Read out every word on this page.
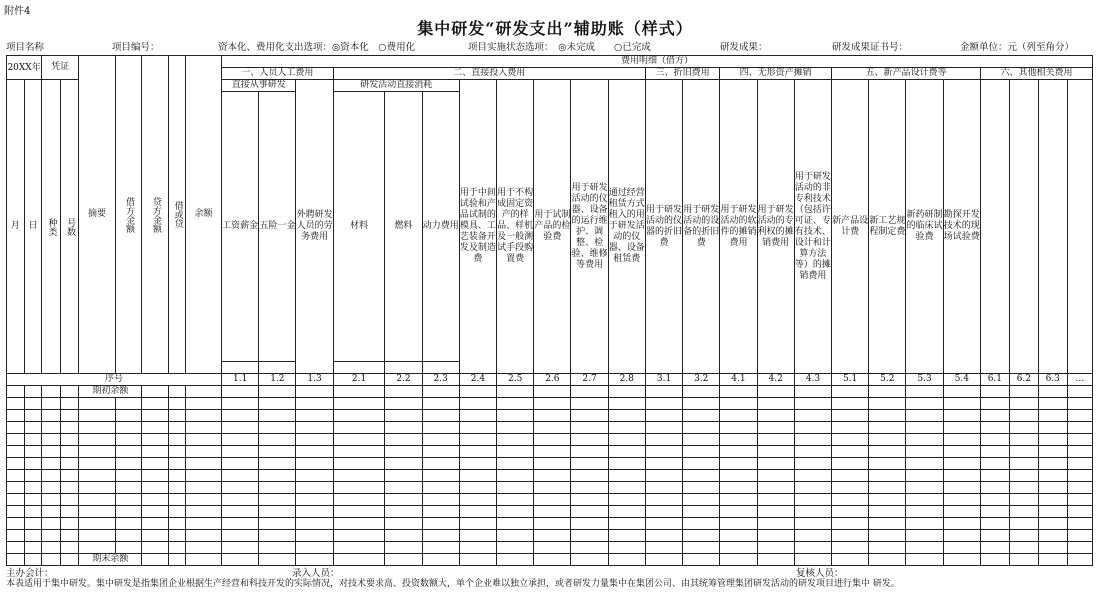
附件4
集中研发“研发支出”辅助账（样式）
项目名称	项目编号：	资本化、费用化支出选项：◎资本化　○费用化	项目实施状态选项：　◎未完成　　○已完成	研发成果：	研发成果证书号：	金额单位：元（列至角分）
20XX年		凭证		摘要	借方金额	贷方金额	借或贷	余额	费用明细（借方）																							
									一、人员人工费用			二、直接投入费用								三、折旧费用		四、无形资产摊销			五、新产品设计费等				六、其他相关费用			
月	日	种类	号数						直接从事研发		外聘研发人员的劳务费用	研发活动直接消耗			用于中间试验和产品试制的模具、工艺装备开发及制造费	用于不构成固定资产的样品、样机及一般测试手段购置费	用于试制产品的检验费	用于研发活动的仪器、设备的运行维护、调整、检验、维修等费用	通过经营租赁方式租入的用于研发活动的仪器、设备租赁费	用于研发活动的仪器的折旧费	用于研发活动的设备的折旧费	用于研发活动的软件的摊销费用	用于研发活动的专利权的摊销费用	用于研发活动的非专利技术（包括许可证、专有技术、设计和计算方法等）的摊销费用	新产品设计费	新工艺规程制定费	新药研制的临床试验费	勘探开发技术的现场试验费				
									工资薪金	五险一金		材料	燃料	动力费用																		

序号									1.1	1.2	1.3	2.1	2.2	2.3	2.4	2.5	2.6	2.7	2.8	3.1	3.2	4.1	4.2	4.3	5.1	5.2	5.3	5.4	6.1	6.2	6.3	…
				期初余额																												

				期末余额																												
主办会计：	录入人员：	复核人员：
本表适用于集中研发。集中研发是指集团企业根据生产经营和科技开发的实际情况，对技术要求高、投资数额大，单个企业难以独立承担，或者研发力量集中在集团公司、由其统筹管理集团研发活动的研发项目进行集中 研发。
